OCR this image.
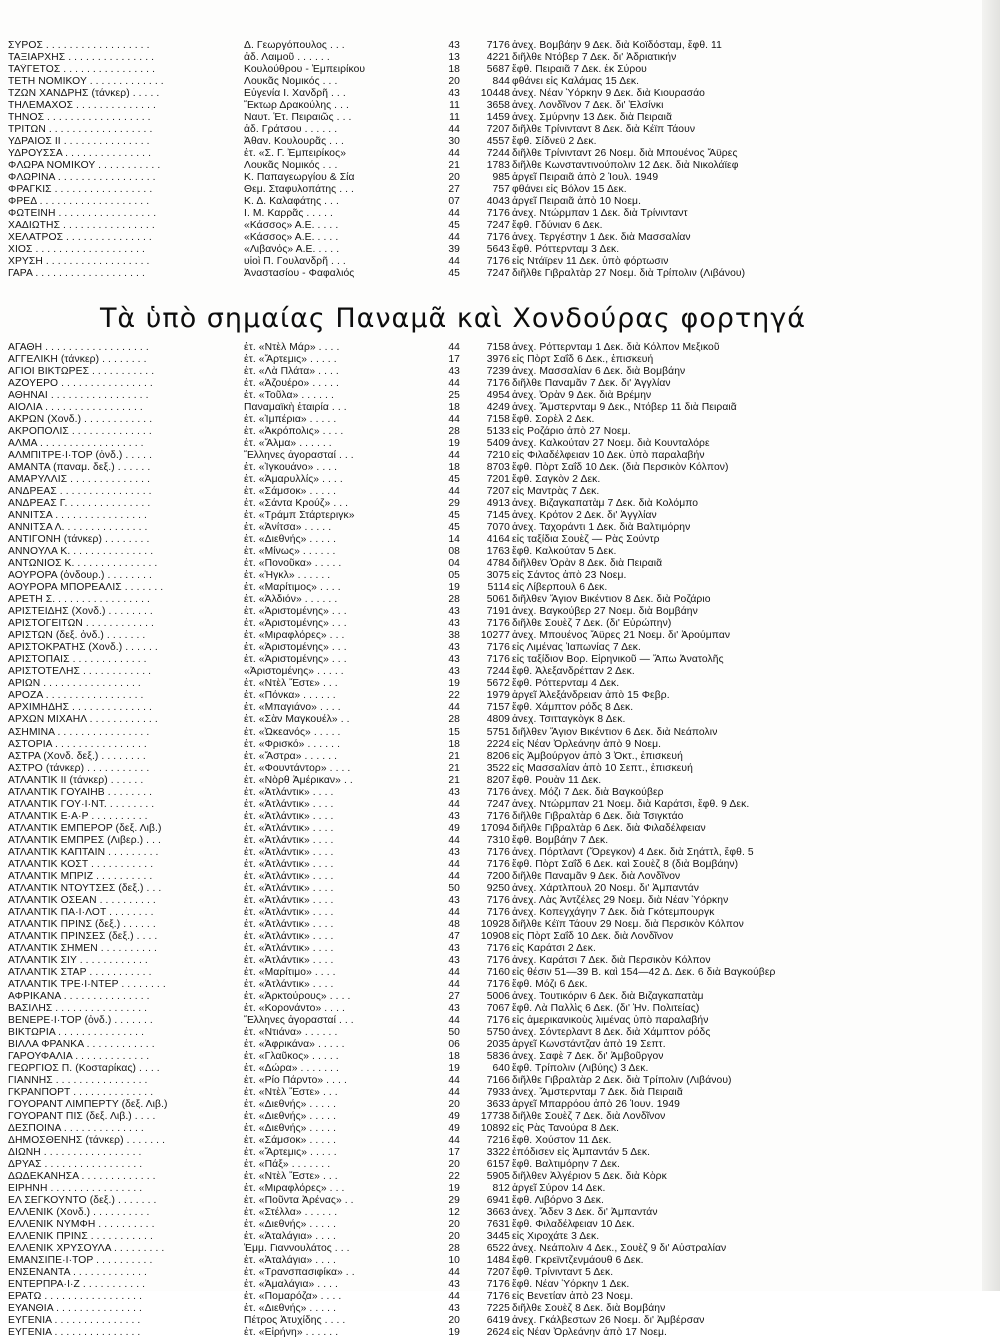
ΣΥΡΟΣ . . . . . . . . . . . . . . . . . .	Δ. Γεωργόπουλος . . .	43	7176 ἀνεχ. Βομβάην 9 Δεκ. διὰ Κοϊδόσταμ, ἔφθ. 11
ΤΑΞΙΑΡΧΗΣ . . . . . . . . . . . . . . .	ἀδ. Λαιμοῦ . . . . . .	13	4221 διῆλθε Ντόβερ 7 Δεκ. δι' Ἀδριατικήν
ΤΑΫΓΕΤΟΣ . . . . . . . . . . . . . . . .	Κουλούθρου - Ἐμπειρίκου	18	5687 ἔφθ. Πειραιᾶ 7 Δεκ. ἐκ Σύρου
ΤΕΤΗ ΝΟΜΙΚΟΥ . . . . . . . . . . . . .	Λουκᾶς Νομικός . . .	20	844 φθάνει εἰς Καλάμας 15 Δεκ.
ΤΖΩΝ ΧΑΝΔΡΗΣ (τάνκερ) . . . . .	Εὐγενία Ι. Χανδρῆ . . .	43	10448 ἀνεχ. Νέαν Ὑόρκην 9 Δεκ. διὰ Κιουρασάο
ΤΗΛΕΜΑΧΟΣ . . . . . . . . . . . . . .	Ἕκτωρ Δρακούλης . . .	11	3658 ἀνεχ. Λονδῖνον 7 Δεκ. δι' Ἑλσίνκι
ΤΗΝΟΣ . . . . . . . . . . . . . . . . . .	Ναυτ. Ἑτ. Πειραιῶς . . .	11	1459 ἀνεχ. Σμύρνην 13 Δεκ. διὰ Πειραιᾶ
ΤΡΙΤΩΝ . . . . . . . . . . . . . . . . . .	ἀδ. Γράτσου . . . . . .	44	7207 διῆλθε Τρίνινταντ 8 Δεκ. διὰ Κέϊπ Τάουν
ΥΔΡΑΙΟΣ ΙΙ . . . . . . . . . . . . . . .	Ἀθαν. Κουλουρᾶς . . .	30	4557 ἔφθ. Σίδνεϋ 2 Δεκ.
ΥΔΡΟΥΣΣΑ . . . . . . . . . . . . . . .	ἑτ. «Σ. Γ. Ἐμπειρίκος»	44	7244 διῆλθε Τρίνινταντ 26 Νοεμ. διὰ Μπουένος Ἄϋρες
ΦΛΩΡΑ ΝΟΜΙΚΟΥ . . . . . . . . . . .	Λουκᾶς Νομικός . . .	21	1783 διῆλθε Κωνσταντινούπολιν 12 Δεκ. διὰ Νικολάϊεφ
ΦΛΩΡΙΝΑ . . . . . . . . . . . . . . . . .	Κ. Παπαγεωργίου & Σία	20	985 ἀργεῖ Πειραιᾶ ἀπὸ 2 Ἰουλ. 1949
ΦΡΑΓΚΙΣ . . . . . . . . . . . . . . . . .	Θεμ. Σταφυλοπάτης . . .	27	757 φθάνει εἰς Βόλον 15 Δεκ.
ΦΡΕΔ . . . . . . . . . . . . . . . . . . .	Κ. Δ. Καλαφάτης . . .	07	4043 ἀργεῖ Πειραιᾶ ἀπὸ 10 Νοεμ.
ΦΩΤΕΙΝΗ . . . . . . . . . . . . . . . . .	Ι. Μ. Καρρᾶς . . . . .	44	7176 ἀνεχ. Ντώρμπαν 1 Δεκ. διὰ Τρίνινταντ
ΧΑΔΙΩΤΗΣ . . . . . . . . . . . . . . . .	«Κάσσος» Α.Ε. . . . .	45	7247 ἔφθ. Γδύνιαν 6 Δεκ.
ΧΕΛΑΤΡΟΣ . . . . . . . . . . . . . . .	«Κάσσος» Α.Ε. . . . .	44	7176 ἀνεχ. Τεργέστην 1 Δεκ. διὰ Μασσαλίαν
ΧΙΟΣ . . . . . . . . . . . . . . . . . . .	«Λιβανός» Α.Ε. . . . .	39	5643 ἔφθ. Ρόττερνταμ 3 Δεκ.
ΧΡΥΣΗ . . . . . . . . . . . . . . . . . .	υἱοὶ Π. Γουλανδρῆ . . .	44	7176 εἰς Ντάϊρεν 11 Δεκ. ὑπὸ φόρτωσιν
ΓΑΡΑ . . . . . . . . . . . . . . . . . . .	Ἀναστασίου - Φαφαλιός	45	7247 διῆλθε Γιβραλτὰρ 27 Νοεμ. διὰ Τρίπολιν (Λιβάνου)
Τὰ ὑπὸ σημαίας Παναμᾶ καὶ Χονδούρας φορτηγά
ΑΓΑΘΗ . . . . . . . . . . . . . . . . . .	ἑτ. «Ντὲλ Μάρ» . . . .	44	7158 ἀνεχ. Ρόττερνταμ 1 Δεκ. διὰ Κόλπον Μεξικοῦ
ΑΓΓΕΛΙΚΗ (τάνκερ) . . . . . . . .	ἑτ. «Ἄρτεμις» . . . . .	17	3976 εἰς Πὸρτ Σαΐδ 6 Δεκ., ἐπισκευή
ΑΓΙΟΙ ΒΙΚΤΩΡΕΣ . . . . . . . . . . .	ἑτ. «Λὰ Πλάτα» . . . .	43	7239 ἀνεχ. Μασσαλίαν 6 Δεκ. διὰ Βομβάην
ΑΖΟΥΕΡΟ . . . . . . . . . . . . . . . .	ἑτ. «Ἀζουέρο» . . . . .	44	7176 διῆλθε Παναμᾶν 7 Δεκ. δι' Ἀγγλίαν
ΑΘΗΝΑΙ . . . . . . . . . . . . . . . . .	ἑτ. «Τοῦλα» . . . . . .	25	4954 ἀνεχ. Ὀρὰν 9 Δεκ. διὰ Βρέμην
ΑΙΟΛΙΑ . . . . . . . . . . . . . . . . .	Παναμαϊκὴ ἑταιρία . . .	18	4249 ἀνεχ. Ἄμστερνταμ 9 Δεκ., Ντόβερ 11 διὰ Πειραιᾶ
ΑΚΡΩΝ (Χονδ.) . . . . . . . . . . . .	ἑτ. «Ἰμπέρια» . . . . .	44	7158 ἔφθ. Σορὲλ 2 Δεκ.
ΑΚΡΟΠΟΛΙΣ . . . . . . . . . . . . . .	ἑτ. «Ἀκρόπολις» . . . .	28	5133 εἰς Ροζάριο ἀπὸ 27 Νοεμ.
ΑΛΜΑ . . . . . . . . . . . . . . . . . .	ἑτ. «Ἄλμα» . . . . . .	19	5409 ἀνεχ. Καλκούταν 27 Νοεμ. διὰ Κουνταλόρε
ΑΛΜΠΙΤΡΕ·Ι·ΤΟΡ (ὀνδ.) . . . . .	Ἕλληνες ἀγορασταί . . .	44	7210 εἰς Φιλαδέλφειαν 10 Δεκ. ὑπὸ παραλαβήν
ΑΜΑΝΤΑ (παναμ. δεξ.) . . . . . .	ἑτ. «Ἰγκουάνο» . . . .	18	8703 ἔφθ. Πὸρτ Σαΐδ 10 Δεκ. (διὰ Περσικὸν Κόλπον)
ΑΜΑΡΥΛΛΙΣ . . . . . . . . . . . . . .	ἑτ. «Ἀμαρυλλίς» . . . .	45	7201 ἔφθ. Σαγκὸν 2 Δεκ.
ΑΝΔΡΕΑΣ . . . . . . . . . . . . . . . .	ἑτ. «Σάμσοκ» . . . . .	44	7207 εἰς Μαντρὰς 7 Δεκ.
ΑΝΔΡΕΑΣ Γ. . . . . . . . . . . . . . .	ἑτ. «Σάντα Κρούζ» . . .	29	4913 ἀνεχ. Βιζαγκαπατὰμ 7 Δεκ. διὰ Κολόμπο
ΑΝΝΙΤΣΑ . . . . . . . . . . . . . . . .	ἑτ. «Τράμπ Στάρτεριγκ»	45	7145 ἀνεχ. Κρότον 2 Δεκ. δι' Ἀγγλίαν
ΑΝΝΙΤΣΑ Λ. . . . . . . . . . . . . . .	ἑτ. «Ἀνίτσα» . . . . .	45	7070 ἀνεχ. Ταχοράντι 1 Δεκ. διὰ Βαλτιμόρην
ΑΝΤΙΓΟΝΗ (τάνκερ) . . . . . . . .	ἑτ. «Διεθνής» . . . . .	14	4164 εἰς ταξίδια Σουὲζ — Ρὰς Σούντρ
ΑΝΝΟΥΛΑ Κ. . . . . . . . . . . . . . .	ἑτ. «Μίνως» . . . . . .	08	1763 ἔφθ. Καλκούταν 5 Δεκ.
ΑΝΤΩΝΙΟΣ Κ. . . . . . . . . . . . . . .	ἑτ. «Πονοῦκα» . . . . .	04	4784 διῆλθεν Ὀρὰν 8 Δεκ. διὰ Πειραιᾶ
ΑΟΥΡΟΡΑ (ὀνδουρ.) . . . . . . . .	ἑτ. «Ἡγκλ» . . . . . .	05	3075 εἰς Σάντος ἀπὸ 23 Νοεμ.
ΑΟΥΡΟΡΑ ΜΠΟΡΕΑΛΙΣ . . . . . . .	ἑτ. «Μαρίτιμος» . . . .	19	5114 εἰς Λίβερπουλ 6 Δεκ.
ΑΡΕΤΗ Σ. . . . . . . . . . . . . . . . .	ἑτ. «Ἀλδιόν» . . . . . .	28	5061 διῆλθεν Ἅγιον Βικέντιον 8 Δεκ. διὰ Ροζάριο
ΑΡΙΣΤΕΙΔΗΣ (Χονδ.) . . . . . . . .	ἑτ. «Ἀριστομένης» . . .	43	7191 ἀνεχ. Βαγκούβερ 27 Νοεμ. διὰ Βομβάην
ΑΡΙΣΤΟΓΕΙΤΩΝ . . . . . . . . . . . .	ἑτ. «Ἀριστομένης» . . .	43	7176 διῆλθε Σουὲζ 7 Δεκ. (δι' Εὐρώπην)
ΑΡΙΣΤΩΝ (δεξ. ὀνδ.) . . . . . . .	ἑτ. «Μιραφλόρες» . . .	38	10277 ἀνεχ. Μπουένος Ἄϋρες 21 Νοεμ. δι' Ἀρούμπαν
ΑΡΙΣΤΟΚΡΑΤΗΣ (Χονδ.) . . . . . .	ἑτ. «Ἀριστομένης» . . .	43	7176 εἰς Λιμένας Ἰαπωνίας 7 Δεκ.
ΑΡΙΣΤΟΠΑΙΣ . . . . . . . . . . . . .	ἑτ. «Ἀριστομένης» . . .	43	7176 εἰς ταξίδιον Βορ. Εἰρηνικοῦ — Ἄπω Ἀνατολῆς
ΑΡΙΣΤΟΤΕΛΗΣ . . . . . . . . . . . .	«Ἀριστομένης» . . . . .	43	7244 ἔφθ. Ἀλεξανδρέτταν 2 Δεκ.
ΑΡΙΩΝ . . . . . . . . . . . . . . . . .	ἑτ. «Ντὲλ Ἔστε» . . .	19	5672 ἔφθ. Ρόττερνταμ 4 Δεκ.
ΑΡΟΖΑ . . . . . . . . . . . . . . . . .	ἑτ. «Πόνκα» . . . . . .	22	1979 ἀργεῖ Ἀλεξάνδρειαν ἀπὸ 15 Φεβρ.
ΑΡΧΙΜΗΔΗΣ . . . . . . . . . . . . . .	ἑτ. «Μπαγιάνο» . . . .	44	7157 ἔφθ. Χάμπτον ρόδς 8 Δεκ.
ΑΡΧΩΝ ΜΙΧΑΗΛ . . . . . . . . . . . .	ἑτ. «Σὰν Μαγκουέλ» . .	28	4809 ἀνεχ. Τσιτταγκὸγκ 8 Δεκ.
ΑΣΗΜΙΝΑ . . . . . . . . . . . . . . . .	ἑτ. «Ὠκεανός» . . . . .	15	5751 διῆλθεν Ἅγιον Βικέντιον 6 Δεκ. διὰ Νεάπολιν
ΑΣΤΟΡΙΑ . . . . . . . . . . . . . . . .	ἑτ. «Φρισκό» . . . . . .	18	2224 εἰς Νέαν Ὀρλεάνην ἀπὸ 9 Νοεμ.
ΑΣΤΡΑ (Χονδ. δεξ.) . . . . . . . .	ἑτ. «Ἄστρα» . . . . . .	21	8206 εἰς Ἀμβούργον ἀπὸ 3 Ὀκτ., ἐπισκευή
ΑΣΤΡΟ (τάνκερ) . . . . . . . . . . .	ἑτ. «Φουντάντορ» . . . .	21	3522 εἰς Μασσαλίαν ἀπὸ 10 Σεπτ., ἐπισκευή
ΑΤΛΑΝΤΙΚ ΙΙ (τάνκερ) . . . . . .	ἑτ. «Νὸρθ Ἀμέρικαν» . .	21	8207 ἔφθ. Ρουὰν 11 Δεκ.
ΑΤΛΑΝΤΙΚ ΓΟΥΑΙΗΒ . . . . . . . .	ἑτ. «Ἀτλάντικ» . . . .	43	7176 ἀνεχ. Μόζι 7 Δεκ. διὰ Βαγκούβερ
ΑΤΛΑΝΤΙΚ ΓΟΥ·Ι·ΝΤ. . . . . . . . .	ἑτ. «Ἀτλάντικ» . . . .	44	7247 ἀνεχ. Ντώρμπαν 21 Νοεμ. διὰ Καράτσι, ἔφθ. 9 Δεκ.
ΑΤΛΑΝΤΙΚ Ε·Α·Ρ . . . . . . . . . .	ἑτ. «Ἀτλάντικ» . . . .	43	7176 διῆλθε Γιβραλτὰρ 6 Δεκ. διὰ Τσιγκτάο
ΑΤΛΑΝΤΙΚ ΕΜΠΕΡΟΡ (δεξ. Λιβ.)	ἑτ. «Ἀτλάντικ» . . . .	49	17094 διῆλθε Γιβραλτὰρ 6 Δεκ. διὰ Φιλαδέλφειαν
ΑΤΛΑΝΤΙΚ ΕΜΠΡΕΣ (Λιβερ.) . . .	ἑτ. «Ἀτλάντικ» . . . .	44	7310 ἔφθ. Βομβάην 7 Δεκ.
ΑΤΛΑΝΤΙΚ ΚΑΠΤΑΙΝ . . . . . . . . .	ἑτ. «Ἀτλάντικ» . . . .	43	7176 ἀνεχ. Πόρτλαντ (Ὄρεγκον) 4 Δεκ. διὰ Σηάττλ, ἔφθ. 5
ΑΤΛΑΝΤΙΚ ΚΟΣΤ . . . . . . . . . . .	ἑτ. «Ἀτλάντικ» . . . .	44	7176 ἔφθ. Πὸρτ Σαΐδ 6 Δεκ. καὶ Σουὲζ 8 (διὰ Βομβάην)
ΑΤΛΑΝΤΙΚ ΜΠΡΙΖ . . . . . . . . . .	ἑτ. «Ἀτλάντικ» . . . .	44	7200 διῆλθε Παναμᾶν 9 Δεκ. διὰ Λονδῖνον
ΑΤΛΑΝΤΙΚ ΝΤΟΥΤΣΕΣ (δεξ.) . . .	ἑτ. «Ἀτλάντικ» . . . .	50	9250 ἀνεχ. Χάρτλπουλ 20 Νοεμ. δι' Ἀμπαντάν
ΑΤΛΑΝΤΙΚ ΟΣΕΑΝ . . . . . . . . . .	ἑτ. «Ἀτλάντικ» . . . .	43	7176 ἀνεχ. Λὰς Ἀντζέλες 29 Νοεμ. διὰ Νέαν Ὑόρκην
ΑΤΛΑΝΤΙΚ ΠΑ·Ι·ΛΟΤ . . . . . . . .	ἑτ. «Ἀτλάντικ» . . . .	44	7176 ἀνεχ. Κοπεγχάγην 7 Δεκ. διὰ Γκότεμπουργκ
ΑΤΛΑΝΤΙΚ ΠΡΙΝΣ (δεξ.) . . . . . .	ἑτ. «Ἀτλάντικ» . . . .	48	10928 διῆλθε Κέϊπ Τάουν 29 Νοεμ. διὰ Περσικὸν Κόλπον
ΑΤΛΑΝΤΙΚ ΠΡΙΝΣΕΣ (δεξ.) . . . .	ἑτ. «Ἀτλάντικ» . . . .	47	10908 εἰς Πὸρτ Σαΐδ 10 Δεκ. διὰ Λονδῖνον
ΑΤΛΑΝΤΙΚ ΣΗΜΕΝ . . . . . . . . . .	ἑτ. «Ἀτλάντικ» . . . .	43	7176 εἰς Καράτσι 2 Δεκ.
ΑΤΛΑΝΤΙΚ ΣΙΥ . . . . . . . . . . . .	ἑτ. «Ἀτλάντικ» . . . .	43	7176 ἀνεχ. Καράτσι 7 Δεκ. διὰ Περσικὸν Κόλπον
ΑΤΛΑΝΤΙΚ ΣΤΑΡ . . . . . . . . . . .	ἑτ. «Μαρίτιμο» . . . .	44	7160 εἰς θέσιν 51—39 Β. καὶ 154—42 Δ. Δεκ. 6 διὰ Βαγκούβερ
ΑΤΛΑΝΤΙΚ ΤΡΕ·Ι·ΝΤΕΡ . . . . . . . .	ἑτ. «Ἀτλάντικ» . . . .	44	7176 ἔφθ. Μόζι 6 Δεκ.
ΑΦΡΙΚΑΝΑ . . . . . . . . . . . . . . .	ἑτ. «Ἀρκτούρους» . . . .	27	5006 ἀνεχ. Τουτικόριν 6 Δεκ. διὰ Βιζαγκαπατὰμ
ΒΑΣΙΛΗΣ . . . . . . . . . . . . . . . .	ἑτ. «Κορονάντο» . . . .	43	7067 ἔφθ. Λὰ Παλλὶς 6 Δεκ. (δι' Ἡν. Πολιτείας)
ΒΕΝΕΡΕ·Ι·ΤΟΡ (ὀνδ.) . . . . . . .	Ἕλληνες ἀγορασταί . . .	44	7176 εἰς ἀμερικανικοὺς λιμένας ὑπὸ παραλαβήν
ΒΙΚΤΩΡΙΑ . . . . . . . . . . . . . . .	ἑτ. «Ντιάνα» . . . . . .	50	5750 ἀνεχ. Σόντερλαντ 8 Δεκ. διὰ Χάμπτον ρόδς
ΒΙΛΛΑ ΦΡΑΝΚΑ . . . . . . . . . . . .	ἑτ. «Ἀφρικάνα» . . . . .	06	2035 ἀργεῖ Κωνστάντζαν ἀπὸ 19 Σεπτ.
ΓΑΡΟΥΦΑΛΙΑ . . . . . . . . . . . . .	ἑτ. «Γλαῦκος» . . . . .	18	5836 ἀνεχ. Σαφὲ 7 Δεκ. δι' Ἀμβοῦργον
ΓΕΩΡΓΙΟΣ Π. (Κοσταρίκας) . . . .	ἑτ. «Δώρα» . . . . . . .	19	640 ἔφθ. Τρίπολιν (Λιβύης) 3 Δεκ.
ΓΙΑΝΝΗΣ . . . . . . . . . . . . . . . .	ἑτ. «Ρίο Πάρντο» . . . .	44	7166 διῆλθε Γιβραλτὰρ 2 Δεκ. διὰ Τρίπολιν (Λιβάνου)
ΓΚΡΑΝΠΟΡΤ . . . . . . . . . . . . . .	ἑτ. «Ντὲλ Ἔστε» . . .	44	7933 ἀνεχ. Ἄμστερνταμ 7 Δεκ. διὰ Πειραιᾶ
ΓΟΥΟΡΑΝΤ ΛΙΜΠΕΡΤΥ (δεξ. Λιβ.)	ἑτ. «Διεθνής» . . . . .	20	3633 ἀργεῖ Μπαρρόου ἀπὸ 26 Ἰουν. 1949
ΓΟΥΟΡΑΝΤ ΠΙΣ (δεξ. Λιβ.) . . . .	ἑτ. «Διεθνής» . . . . .	49	17738 διῆλθε Σουὲζ 7 Δεκ. διὰ Λονδῖνον
ΔΕΣΠΟΙΝΑ . . . . . . . . . . . . . .	ἑτ. «Διεθνής» . . . . .	49	10892 εἰς Ρὰς Τανούρα 8 Δεκ.
ΔΗΜΟΣΘΕΝΗΣ (τάνκερ) . . . . . . .	ἑτ. «Σάμσοκ» . . . . .	44	7216 ἔφθ. Χούστον 11 Δεκ.
ΔΙΩΝΗ . . . . . . . . . . . . . . . . .	ἑτ. «Ἄρτεμις» . . . . .	17	3322 ἐπόδισεν εἰς Ἀμπαντάν 5 Δεκ.
ΔΡΥΑΣ . . . . . . . . . . . . . . . . .	ἑτ. «Πάξ» . . . . . . .	20	6157 ἔφθ. Βαλτιμόρην 7 Δεκ.
ΔΩΔΕΚΑΝΗΣΑ . . . . . . . . . . . . .	ἑτ. «Ντὲλ Ἔστε» . . .	22	5905 διῆλθεν Ἀλγέριον 5 Δεκ. διὰ Κὸρκ
ΕΙΡΗΝΗ . . . . . . . . . . . . . . . .	ἑτ. «Μιραφλόρες» . . .	19	812 ἀργεῖ Σύρον 14 Δεκ.
ΕΛ ΣΕΓΚΟΥΝΤΟ (δεξ.) . . . . . . .	ἑτ. «Ποῦντα Ἀρένας» . .	29	6941 ἔφθ. Λιβόρνο 3 Δεκ.
ΕΛΛΕΝΙΚ (Χονδ.) . . . . . . . . . .	ἑτ. «Στέλλα» . . . . . .	12	3663 ἀνεχ. Ἄδεν 3 Δεκ. δι' Ἀμπαντάν
ΕΛΛΕΝΙΚ ΝΥΜΦΗ . . . . . . . . . .	ἑτ. «Διεθνής» . . . . .	20	7631 ἔφθ. Φιλαδέλφειαν 10 Δεκ.
ΕΛΛΕΝΙΚ ΠΡΙΝΣ . . . . . . . . . . .	ἑτ. «Ἀταλάγια» . . . .	20	3445 εἰς Χιροχάτε 3 Δεκ.
ΕΛΛΕΝΙΚ ΧΡΥΣΟΥΛΑ . . . . . . . . .	Ἐμμ. Γιαννουλάτος . . .	28	6522 ἀνεχ. Νεάπολιν 4 Δεκ., Σουὲζ 9 δι' Αὐστραλίαν
ΕΜΑΝΣΙΠΕ·Ι·ΤΟΡ . . . . . . . . . .	ἑτ. «Ἀταλάγια» . . . .	10	1484 ἔφθ. Γκρεϊντζενμάουθ 6 Δεκ.
ΕΝΣΕΝΑΝΤΑ . . . . . . . . . . . . .	ἑτ. «Τρανσπασιφίκα» . .	44	7207 ἔφθ. Τρίνινταντ 5 Δεκ.
ΕΝΤΕΡΠΡΑ·Ι·Ζ . . . . . . . . . . .	ἑτ. «Ἀμαλάγια» . . . .	43	7176 ἔφθ. Νέαν Ὑόρκην 1 Δεκ.
ΕΡΑΤΩ . . . . . . . . . . . . . . . . .	ἑτ. «Πομαρόζα» . . . .	44	7176 εἰς Βενετίαν ἀπὸ 23 Νοεμ.
ΕΥΑΝΘΙΑ . . . . . . . . . . . . . . .	ἑτ. «Διεθνής» . . . . .	43	7225 διῆλθε Σουὲζ 8 Δεκ. διὰ Βομβάην
ΕΥΓΕΝΙΑ . . . . . . . . . . . . . . .	Πέτρος Ἀτυχίδης . . . .	20	6419 ἀνεχ. Γκάλβεστων 26 Νοεμ. δι' Ἀμβέρσαν
ΕΥΓΕΝΙΑ . . . . . . . . . . . . . . .	ἑτ. «Εἰρήνη» . . . . . .	19	2624 εἰς Νέαν Ὀρλεάνην ἀπὸ 17 Νοεμ.
